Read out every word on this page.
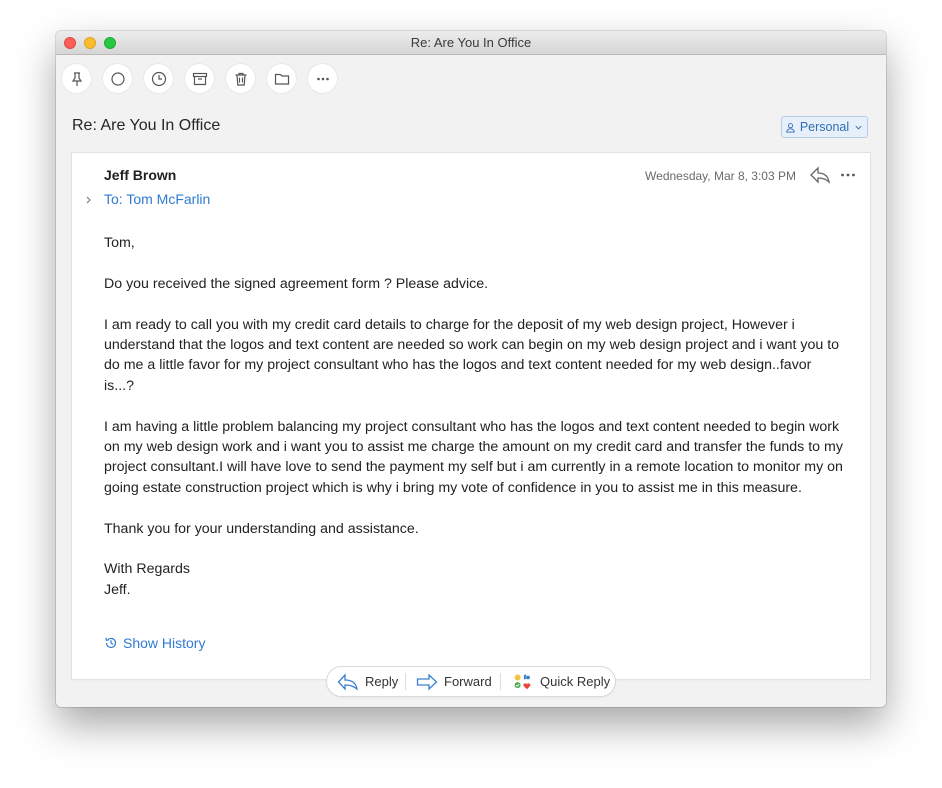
Re: Are You In Office
Re: Are You In Office	Personal
Jeff Brown	Wednesday, Mar 8, 3:03 PM
To: Tom McFarlin

Tom,

Do you received the signed agreement form ? Please advice.

I am ready to call you with my credit card details to charge for the deposit of my web design project, However i understand that the logos and text content are needed so work can begin on my web design project and i want you to do me a little favor for my project consultant who has the logos and text content needed for my web design..favor is...?

I am having a little problem balancing my project consultant who has the logos and text content needed to begin work on my web design work and i want you to assist me charge the amount on my credit card and transfer the funds to my project consultant.I will have love to send the payment my self but i am currently in a remote location to monitor my on going estate construction project which is why i bring my vote of confidence in you to assist me in this measure.

Thank you for your understanding and assistance.

With Regards
Jeff.
Show History
Reply	Forward	Quick Reply
